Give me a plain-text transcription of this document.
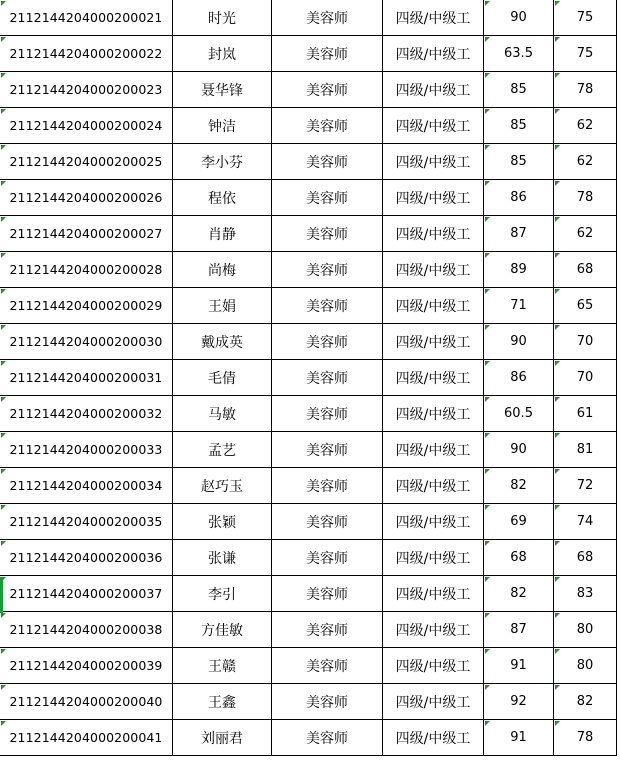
2112144204000200021	时光	美容师	四级/中级工	90	75
2112144204000200022	封岚	美容师	四级/中级工	63.5	75
2112144204000200023	聂华锋	美容师	四级/中级工	85	78
2112144204000200024	钟洁	美容师	四级/中级工	85	62
2112144204000200025	李小芬	美容师	四级/中级工	85	62
2112144204000200026	程依	美容师	四级/中级工	86	78
2112144204000200027	肖静	美容师	四级/中级工	87	62
2112144204000200028	尚梅	美容师	四级/中级工	89	68
2112144204000200029	王娟	美容师	四级/中级工	71	65
2112144204000200030	戴成英	美容师	四级/中级工	90	70
2112144204000200031	毛倩	美容师	四级/中级工	86	70
2112144204000200032	马敏	美容师	四级/中级工	60.5	61
2112144204000200033	孟艺	美容师	四级/中级工	90	81
2112144204000200034	赵巧玉	美容师	四级/中级工	82	72
2112144204000200035	张颖	美容师	四级/中级工	69	74
2112144204000200036	张谦	美容师	四级/中级工	68	68
2112144204000200037	李引	美容师	四级/中级工	82	83
2112144204000200038	方佳敏	美容师	四级/中级工	87	80
2112144204000200039	王赣	美容师	四级/中级工	91	80
2112144204000200040	王鑫	美容师	四级/中级工	92	82
2112144204000200041	刘丽君	美容师	四级/中级工	91	78
